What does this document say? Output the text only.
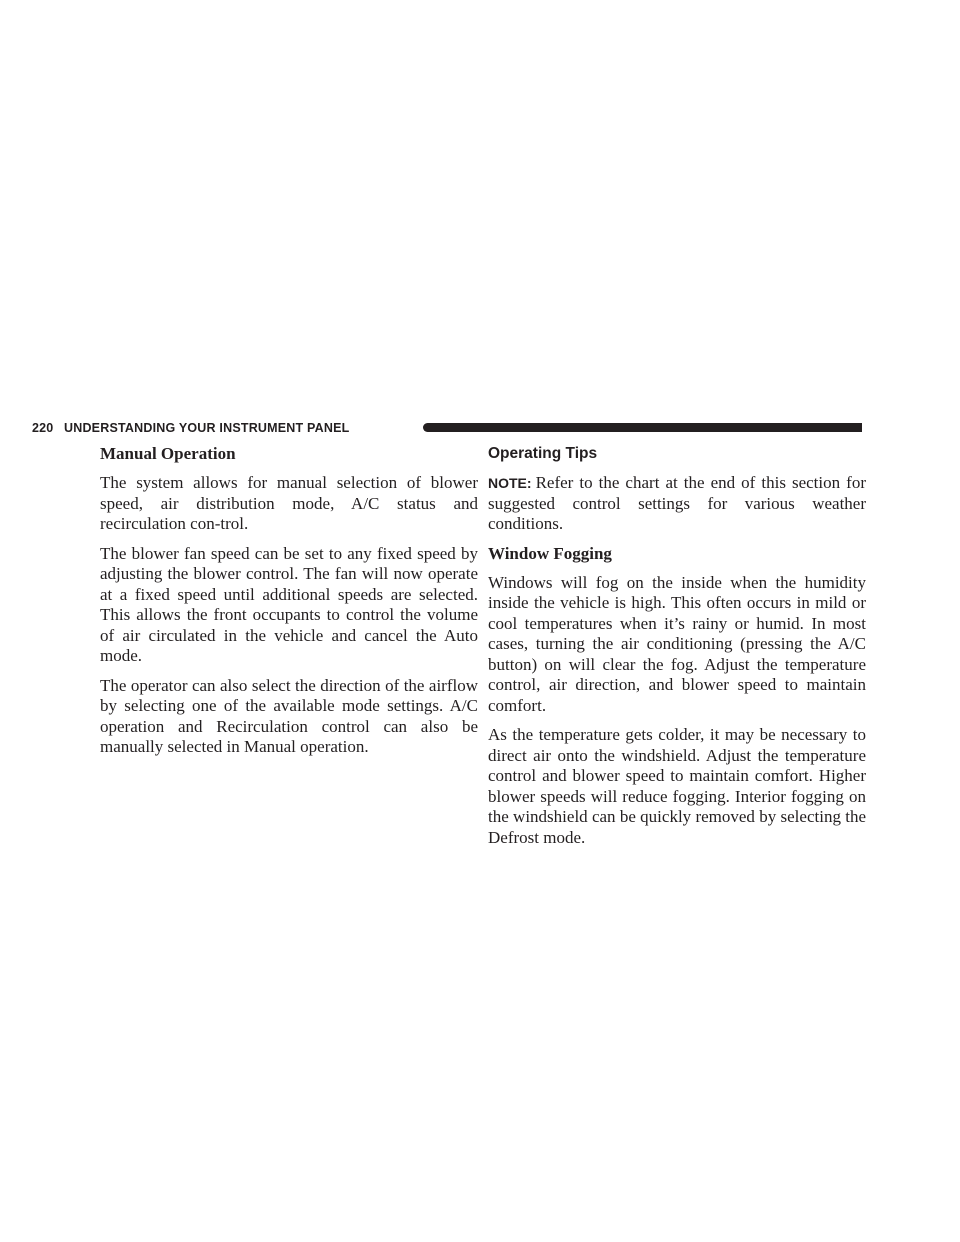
220 UNDERSTANDING YOUR INSTRUMENT PANEL
Manual Operation

The system allows for manual selection of blower speed, air distribution mode, A/C status and recirculation con-trol.

The blower fan speed can be set to any fixed speed by adjusting the blower control. The fan will now operate at a fixed speed until additional speeds are selected. This allows the front occupants to control the volume of air circulated in the vehicle and cancel the Auto mode.

The operator can also select the direction of the airflow by selecting one of the available mode settings. A/C operation and Recirculation control can also be manually selected in Manual operation.

Operating Tips

NOTE: Refer to the chart at the end of this section for suggested control settings for various weather conditions.

Window Fogging

Windows will fog on the inside when the humidity inside the vehicle is high. This often occurs in mild or cool temperatures when it’s rainy or humid. In most cases, turning the air conditioning (pressing the A/C button) on will clear the fog. Adjust the temperature control, air direction, and blower speed to maintain comfort.

As the temperature gets colder, it may be necessary to direct air onto the windshield. Adjust the temperature control and blower speed to maintain comfort. Higher blower speeds will reduce fogging. Interior fogging on the windshield can be quickly removed by selecting the Defrost mode.
